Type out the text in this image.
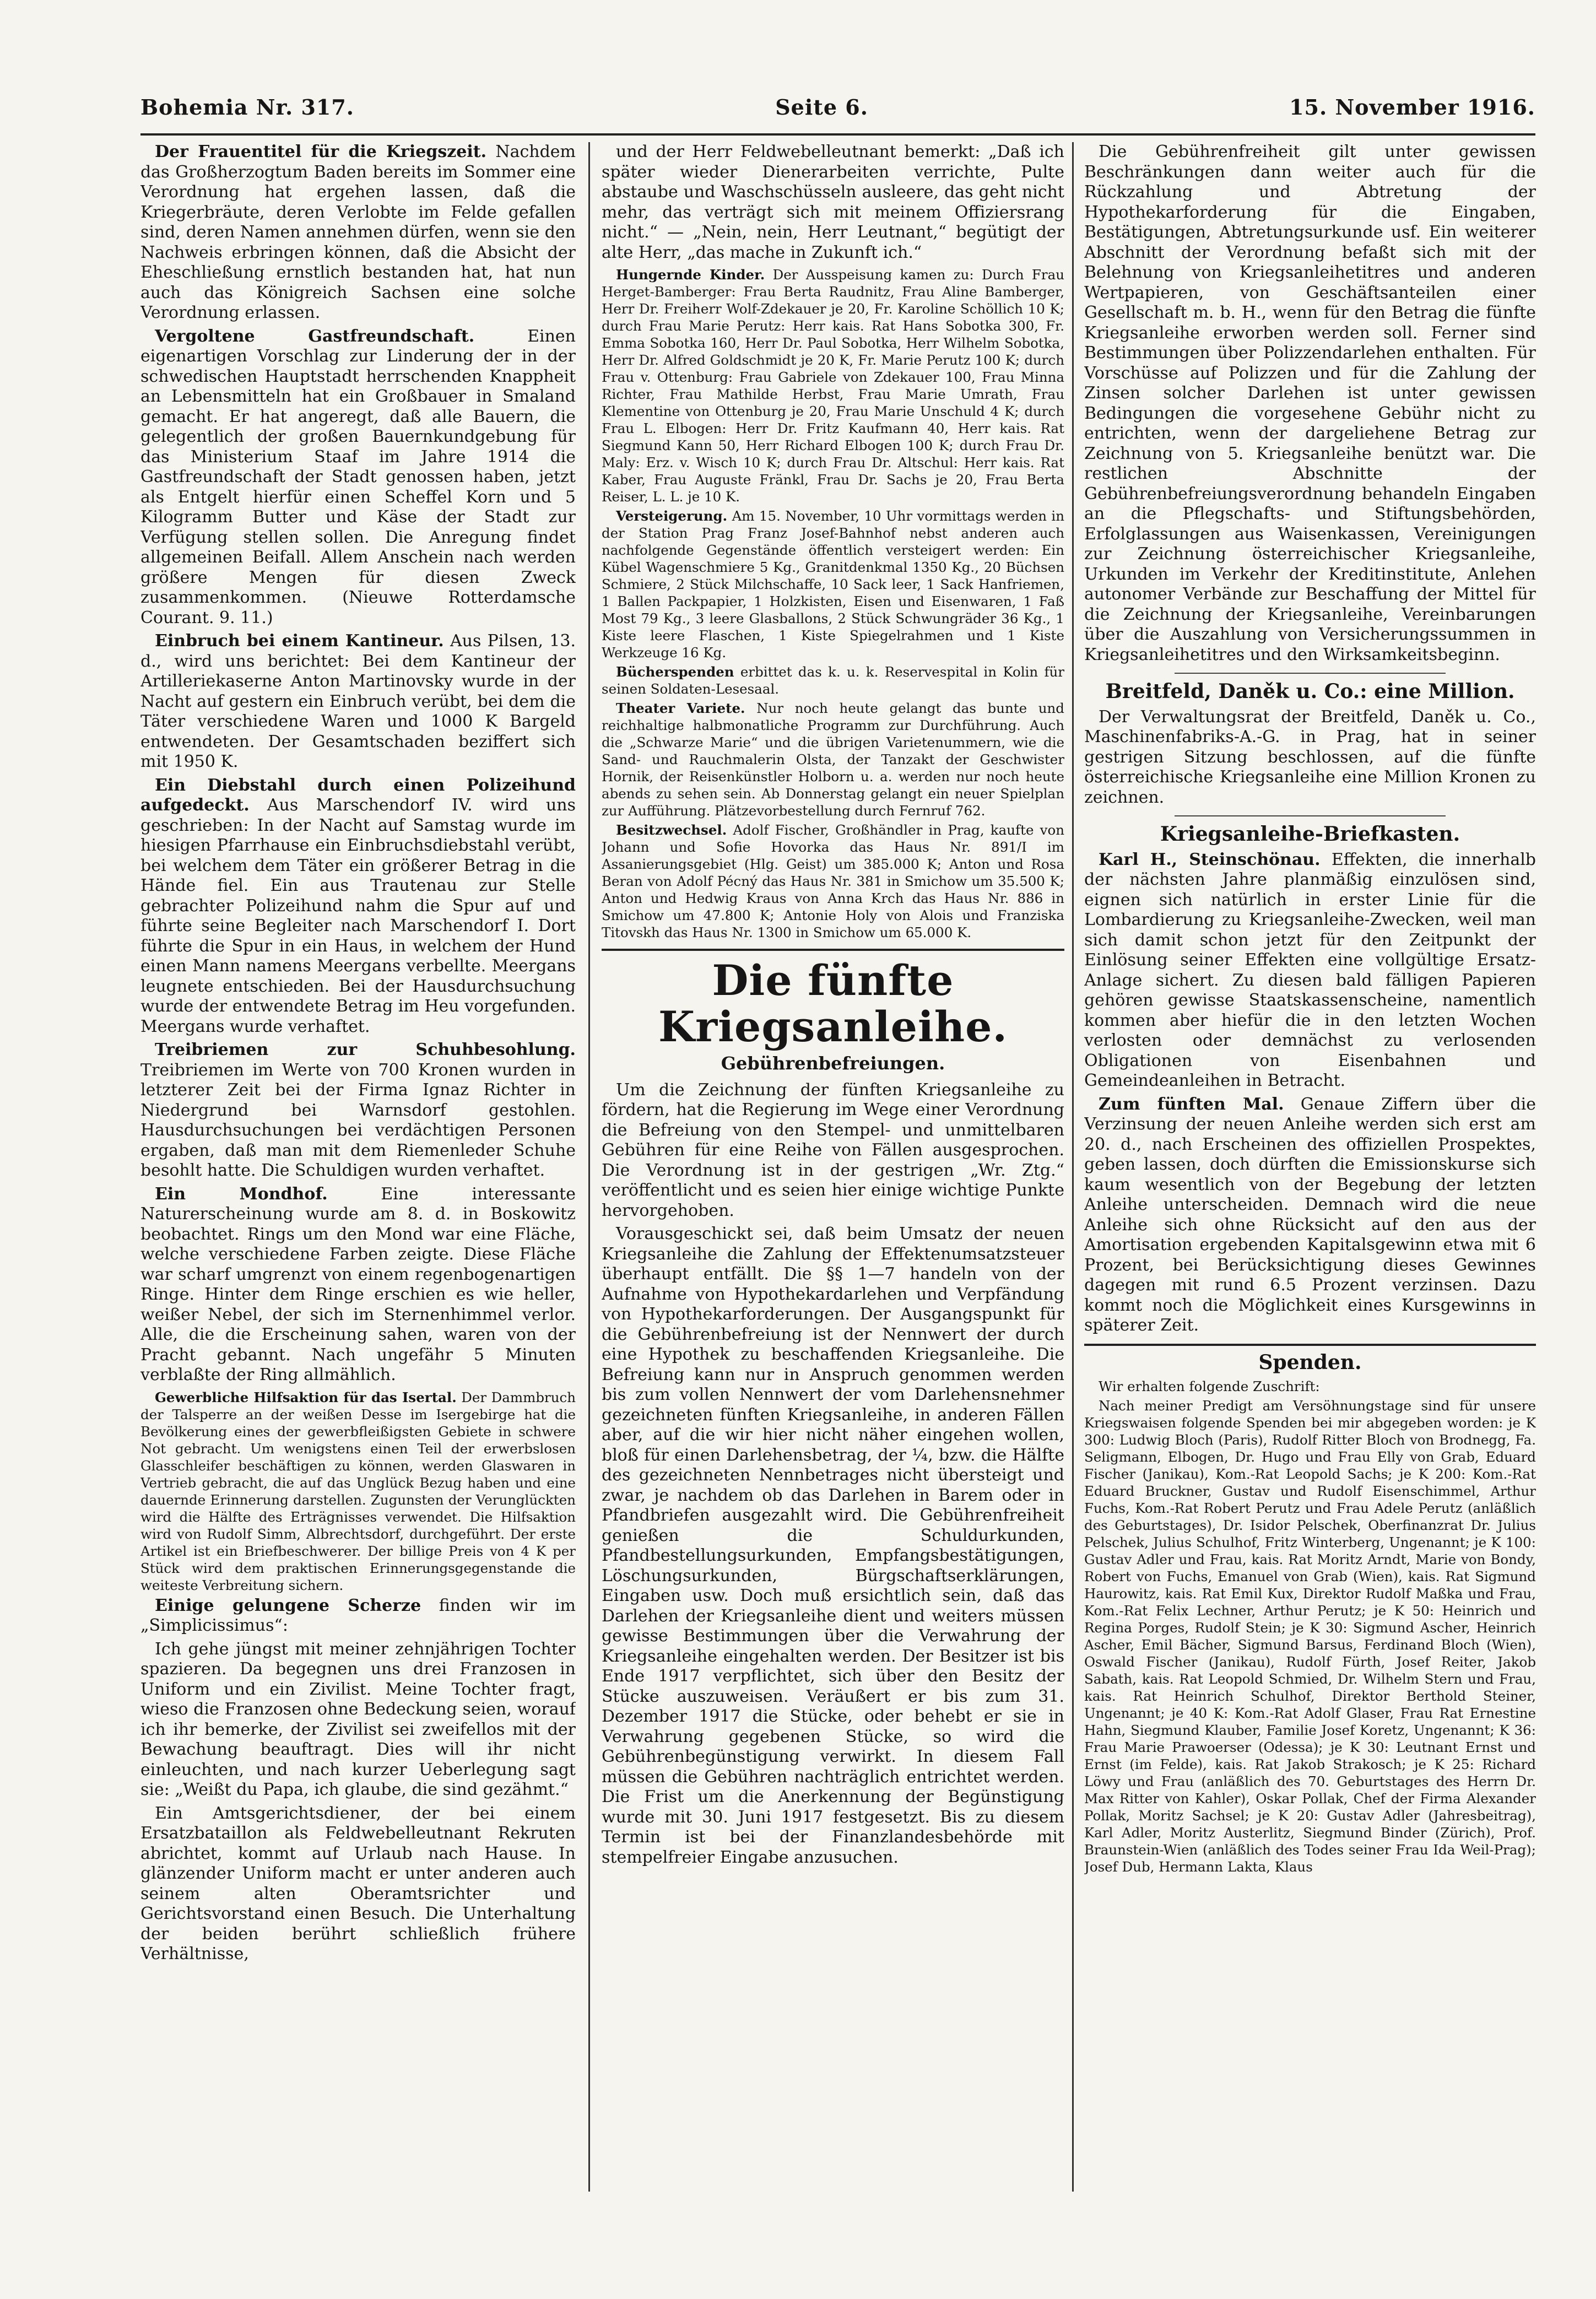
Bohemia Nr. 317.	Seite 6.	15. November 1916.

Der Frauentitel für die Kriegszeit. Nachdem das Großherzogtum Baden bereits im Sommer eine Verordnung hat ergehen lassen, daß die Kriegerbräute, deren Verlobte im Felde gefallen sind, deren Namen annehmen dürfen, wenn sie den Nachweis erbringen können, daß die Absicht der Eheschließung ernstlich bestanden hat, hat nun auch das Königreich Sachsen eine solche Verordnung erlassen.

Vergoltene Gastfreundschaft.	Einen eigenartigen Vorschlag zur Linderung der in der schwedischen Hauptstadt herrschenden Knappheit an Lebensmitteln hat ein Großbauer in Smaland gemacht. Er hat angeregt, daß alle Bauern, die gelegentlich der großen Bauernkundgebung für das Ministerium Staaf im Jahre 1914 die Gastfreundschaft der Stadt genossen haben, jetzt als Entgelt hierfür einen Scheffel Korn und 5 Kilogramm Butter und Käse der Stadt zur Verfügung stellen sollen. Die Anregung findet allgemeinen Beifall. Allem Anschein nach werden größere Mengen für diesen Zweck zusammenkommen. (Nieuwe Rotterdamsche Courant. 9. 11.)

Einbruch bei einem Kantineur. Aus Pilsen, 13. d., wird uns berichtet: Bei dem Kantineur der Artilleriekaserne Anton Martinovsky wurde in der Nacht auf gestern ein Einbruch verübt, bei dem die Täter verschiedene Waren und 1000 K Bargeld entwendeten. Der Gesamtschaden beziffert sich mit 1950 K.

Ein Diebstahl durch einen Polizeihund aufgedeckt. Aus Marschendorf IV. wird uns geschrieben: In der Nacht auf Samstag wurde im hiesigen Pfarrhause ein Einbruchsdiebstahl verübt, bei welchem dem Täter ein größerer Betrag in die Hände fiel. Ein aus Trautenau zur Stelle gebrachter Polizeihund nahm die Spur auf und führte seine Begleiter nach Marschendorf I. Dort führte die Spur in ein Haus, in welchem der Hund einen Mann namens Meergans verbellte. Meergans leugnete entschieden. Bei der Hausdurchsuchung wurde der entwendete Betrag im Heu vorgefunden. Meergans wurde verhaftet.

Treibriemen zur Schuhbesohlung. Treibriemen im Werte von 700 Kronen wurden in letzterer Zeit bei der Firma Ignaz Richter in Niedergrund bei Warnsdorf gestohlen. Hausdurchsuchungen bei verdächtigen Personen ergaben, daß man mit dem Riemenleder Schuhe besohlt hatte. Die Schuldigen wurden verhaftet.

Ein Mondhof.	Eine interessante Naturerscheinung wurde am 8. d. in Boskowitz beobachtet. Rings um den Mond war eine Fläche, welche verschiedene Farben zeigte. Diese Fläche war scharf umgrenzt von einem regenbogenartigen Ringe. Hinter dem Ringe erschien es wie heller, weißer Nebel, der sich im Sternenhimmel verlor. Alle, die die Erscheinung sahen, waren von der Pracht gebannt. Nach ungefähr 5 Minuten verblaßte der Ring allmählich.

Gewerbliche Hilfsaktion für das Isertal. Der Dammbruch der Talsperre an der weißen Desse im Isergebirge hat die Bevölkerung eines der gewerbfleißigsten Gebiete in schwere Not gebracht. Um wenigstens einen Teil der erwerbslosen Glasschleifer beschäftigen zu können, werden Glaswaren in Vertrieb gebracht, die auf das Unglück Bezug haben und eine dauernde Erinnerung darstellen. Zugunsten der Verunglückten wird die Hälfte des Erträgnisses verwendet. Die Hilfsaktion wird von Rudolf Simm, Albrechtsdorf, durchgeführt. Der erste Artikel ist ein Briefbeschwerer. Der billige Preis von 4 K per Stück wird dem praktischen Erinnerungsgegenstande die weiteste Verbreitung sichern.

Einige gelungene Scherze finden wir im „Simplicissimus“:

Ich gehe jüngst mit meiner zehnjährigen Tochter spazieren. Da begegnen uns drei Franzosen in Uniform und ein Zivilist. Meine Tochter fragt, wieso die Franzosen ohne Bedeckung seien, worauf ich ihr bemerke, der Zivilist sei zweifellos mit der Bewachung beauftragt. Dies will ihr nicht einleuchten, und nach kurzer Ueberlegung sagt sie: „Weißt du Papa, ich glaube, die sind gezähmt.“

Ein Amtsgerichtsdiener, der bei einem Ersatzbataillon als Feldwebelleutnant Rekruten abrichtet, kommt auf Urlaub nach Hause. In glänzender Uniform macht er unter anderen auch seinem alten Oberamtsrichter und Gerichtsvorstand einen Besuch. Die Unterhaltung der beiden berührt schließlich frühere Verhältnisse,

und der Herr Feldwebelleutnant bemerkt: „Daß ich später wieder Dienerarbeiten verrichte, Pulte abstaube und Waschschüsseln ausleere, das geht nicht mehr, das verträgt sich mit meinem Offiziersrang nicht.“ — „Nein, nein, Herr Leutnant,“ begütigt der alte Herr, „das mache in Zukunft ich.“

Hungernde Kinder. Der Ausspeisung kamen zu: Durch Frau Herget-Bamberger: Frau Berta Raudnitz, Frau Aline Bamberger, Herr Dr. Freiherr Wolf-Zdekauer je 20, Fr. Karoline Schöllich 10 K; durch Frau Marie Perutz: Herr kais. Rat Hans Sobotka 300, Fr. Emma Sobotka 160, Herr Dr. Paul Sobotka, Herr Wilhelm Sobotka, Herr Dr. Alfred Goldschmidt je 20 K, Fr. Marie Perutz 100 K; durch Frau v. Ottenburg: Frau Gabriele von Zdekauer 100, Frau Minna Richter, Frau Mathilde Herbst, Frau Marie Umrath, Frau Klementine von Ottenburg je 20, Frau Marie Unschuld 4 K; durch Frau L. Elbogen: Herr Dr. Fritz Kaufmann 40, Herr kais. Rat Siegmund Kann 50, Herr Richard Elbogen 100 K; durch Frau Dr. Maly: Erz. v. Wisch 10 K; durch Frau Dr. Altschul: Herr kais. Rat Kaber, Frau Auguste Fränkl, Frau Dr. Sachs je 20, Frau Berta Reiser, L. L. je 10 K.

Versteigerung. Am 15. November, 10 Uhr vormittags werden in der Station Prag Franz Josef-Bahnhof nebst anderen auch nachfolgende Gegenstände öffentlich versteigert werden: Ein Kübel Wagenschmiere 5 Kg., Granitdenkmal 1350 Kg., 20 Büchsen Schmiere, 2 Stück Milchschaffe, 10 Sack leer, 1 Sack Hanfriemen, 1 Ballen Packpapier, 1 Holzkisten, Eisen und Eisenwaren, 1 Faß Most 79 Kg., 3 leere Glasballons, 2 Stück Schwungräder 36 Kg., 1 Kiste leere Flaschen, 1 Kiste Spiegelrahmen und 1 Kiste Werkzeuge 16 Kg.

Bücherspenden erbittet das k. u. k. Reservespital in Kolin für seinen Soldaten-Lesesaal.

Theater Variete. Nur noch heute gelangt das bunte und reichhaltige halbmonatliche Programm zur Durchführung. Auch die „Schwarze Marie“ und die übrigen Varietenummern, wie die Sand- und Rauchmalerin Olsta, der Tanzakt der Geschwister Hornik, der Reisenkünstler Holborn u. a. werden nur noch heute abends zu sehen sein. Ab Donnerstag gelangt ein neuer Spielplan zur Aufführung. Plätzevorbestellung durch Fernruf 762.

Besitzwechsel. Adolf Fischer, Großhändler in Prag, kaufte von Johann und Sofie Hovorka das Haus Nr. 891/I im Assanierungsgebiet (Hlg. Geist) um 385.000 K; Anton und Rosa Beran von Adolf Pécný das Haus Nr. 381 in Smichow um 35.500 K; Anton und Hedwig Kraus von Anna Krch das Haus Nr. 886 in Smichow um 47.800 K; Antonie Holy von Alois und Franziska Titovskh das Haus Nr. 1300 in Smichow um 65.000 K.

Die fünfte Kriegsanleihe.
Gebührenbefreiungen.

Um die Zeichnung der fünften Kriegsanleihe zu fördern, hat die Regierung im Wege einer Verordnung die Befreiung von den Stempel- und unmittelbaren Gebühren für eine Reihe von Fällen ausgesprochen. Die Verordnung ist in der gestrigen „Wr. Ztg.“ veröffentlicht und es seien hier einige wichtige Punkte hervorgehoben.

Vorausgeschickt sei, daß beim Umsatz der neuen Kriegsanleihe die Zahlung der Effektenumsatzsteuer überhaupt entfällt. Die §§ 1—7 handeln von der Aufnahme von Hypothekardarlehen und Verpfändung von Hypothekarforderungen. Der Ausgangspunkt für die Gebührenbefreiung ist der Nennwert der durch eine Hypothek zu beschaffenden Kriegsanleihe. Die Befreiung kann nur in Anspruch genommen werden bis zum vollen Nennwert der vom Darlehensnehmer gezeichneten fünften Kriegsanleihe, in anderen Fällen aber, auf die wir hier nicht näher eingehen wollen, bloß für einen Darlehensbetrag, der ¼, bzw. die Hälfte des gezeichneten Nennbetrages nicht übersteigt und zwar, je nachdem ob das Darlehen in Barem oder in Pfandbriefen ausgezahlt wird. Die Gebührenfreiheit genießen die Schuldurkunden, Pfandbestellungsurkunden, Empfangsbestätigungen, Löschungsurkunden, Bürgschaftserklärungen, Eingaben usw. Doch muß ersichtlich sein, daß das Darlehen der Kriegsanleihe dient und weiters müssen gewisse Bestimmungen über die Verwahrung der Kriegsanleihe eingehalten werden. Der Besitzer ist bis Ende 1917 verpflichtet, sich über den Besitz der Stücke auszuweisen. Veräußert er bis zum 31. Dezember 1917 die Stücke, oder behebt er sie in Verwahrung gegebenen Stücke, so wird die Gebührenbegünstigung verwirkt. In diesem Fall müssen die Gebühren nachträglich entrichtet werden. Die Frist um die Anerkennung der Begünstigung wurde mit 30. Juni 1917 festgesetzt. Bis zu diesem Termin ist bei der Finanzlandesbehörde mit stempelfreier Eingabe anzusuchen.

Die Gebührenfreiheit gilt unter gewissen Beschränkungen dann weiter auch für die Rückzahlung und Abtretung der Hypothekarforderung für die Eingaben, Bestätigungen, Abtretungsurkunde usf. Ein weiterer Abschnitt der Verordnung befaßt sich mit der Belehnung von Kriegsanleihetitres und anderen Wertpapieren, von Geschäftsanteilen einer Gesellschaft m. b. H., wenn für den Betrag die fünfte Kriegsanleihe erworben werden soll. Ferner sind Bestimmungen über Polizzendarlehen enthalten. Für Vorschüsse auf Polizzen und für die Zahlung der Zinsen solcher Darlehen ist unter gewissen Bedingungen die vorgesehene Gebühr nicht zu entrichten, wenn der dargeliehene Betrag zur Zeichnung von 5. Kriegsanleihe benützt war. Die restlichen Abschnitte der Gebührenbefreiungsverordnung behandeln Eingaben an die Pflegschafts- und Stiftungsbehörden, Erfolglassungen aus Waisenkassen, Vereinigungen zur Zeichnung österreichischer Kriegsanleihe, Urkunden im Verkehr der Kreditinstitute, Anlehen autonomer Verbände zur Beschaffung der Mittel für die Zeichnung der Kriegsanleihe, Vereinbarungen über die Auszahlung von Versicherungssummen in Kriegsanleihetitres und den Wirksamkeitsbeginn.

Breitfeld, Daněk u. Co.: eine Million.

Der Verwaltungsrat der Breitfeld, Daněk u. Co., Maschinenfabriks-A.-G. in Prag, hat in seiner gestrigen Sitzung beschlossen, auf die fünfte österreichische Kriegsanleihe eine Million Kronen zu zeichnen.

Kriegsanleihe-Briefkasten.

Karl H., Steinschönau. Effekten, die innerhalb der nächsten Jahre planmäßig einzulösen sind, eignen sich natürlich in erster Linie für die Lombardierung zu Kriegsanleihe-Zwecken, weil man sich damit schon jetzt für den Zeitpunkt der Einlösung seiner Effekten eine vollgültige Ersatz-Anlage sichert. Zu diesen bald fälligen Papieren gehören gewisse Staatskassenscheine, namentlich kommen aber hiefür die in den letzten Wochen verlosten oder demnächst zu verlosenden Obligationen von Eisenbahnen und Gemeindeanleihen in Betracht.

Zum fünften Mal. Genaue Ziffern über die Verzinsung der neuen Anleihe werden sich erst am 20. d., nach Erscheinen des offiziellen Prospektes, geben lassen, doch dürften die Emissionskurse sich kaum wesentlich von der Begebung der letzten Anleihe unterscheiden. Demnach wird die neue Anleihe sich ohne Rücksicht auf den aus der Amortisation ergebenden Kapitalsgewinn etwa mit 6 Prozent, bei Berücksichtigung dieses Gewinnes dagegen mit rund 6.5 Prozent verzinsen. Dazu kommt noch die Möglichkeit eines Kursgewinns in späterer Zeit.

Spenden.

Wir erhalten folgende Zuschrift:

Nach meiner Predigt am Versöhnungstage sind für unsere Kriegswaisen folgende Spenden bei mir abgegeben worden: je K 300: Ludwig Bloch (Paris), Rudolf Ritter Bloch von Brodnegg, Fa. Seligmann, Elbogen, Dr. Hugo und Frau Elly von Grab, Eduard Fischer (Janikau), Kom.-Rat Leopold Sachs; je K 200: Kom.-Rat Eduard Bruckner, Gustav und Rudolf Eisenschimmel, Arthur Fuchs, Kom.-Rat Robert Perutz und Frau Adele Perutz (anläßlich des Geburtstages), Dr. Isidor Pelschek, Oberfinanzrat Dr. Julius Pelschek, Julius Schulhof, Fritz Winterberg, Ungenannt; je K 100: Gustav Adler und Frau, kais. Rat Moritz Arndt, Marie von Bondy, Robert von Fuchs, Emanuel von Grab (Wien), kais. Rat Sigmund Haurowitz, kais. Rat Emil Kux, Direktor Rudolf Maßka und Frau, Kom.-Rat Felix Lechner, Arthur Perutz; je K 50: Heinrich und Regina Porges, Rudolf Stein; je K 30: Sigmund Ascher, Heinrich Ascher, Emil Bächer, Sigmund Barsus, Ferdinand Bloch (Wien), Oswald Fischer (Janikau), Rudolf Fürth, Josef Reiter, Jakob Sabath, kais. Rat Leopold Schmied, Dr. Wilhelm Stern und Frau, kais. Rat Heinrich Schulhof, Direktor Berthold Steiner, Ungenannt; je 40 K: Kom.-Rat Adolf Glaser, Frau Rat Ernestine Hahn, Siegmund Klauber, Familie Josef Koretz, Ungenannt; K 36: Frau Marie Prawoerser (Odessa); je K 30: Leutnant Ernst und Ernst (im Felde), kais. Rat Jakob Strakosch; je K 25: Richard Löwy und Frau (anläßlich des 70. Geburtstages des Herrn Dr. Max Ritter von Kahler), Oskar Pollak, Chef der Firma Alexander Pollak, Moritz Sachsel; je K 20: Gustav Adler (Jahresbeitrag), Karl Adler, Moritz Austerlitz, Siegmund Binder (Zürich), Prof. Braunstein-Wien (anläßlich des Todes seiner Frau Ida Weil-Prag); Josef Dub, Hermann Lakta, Klaus
